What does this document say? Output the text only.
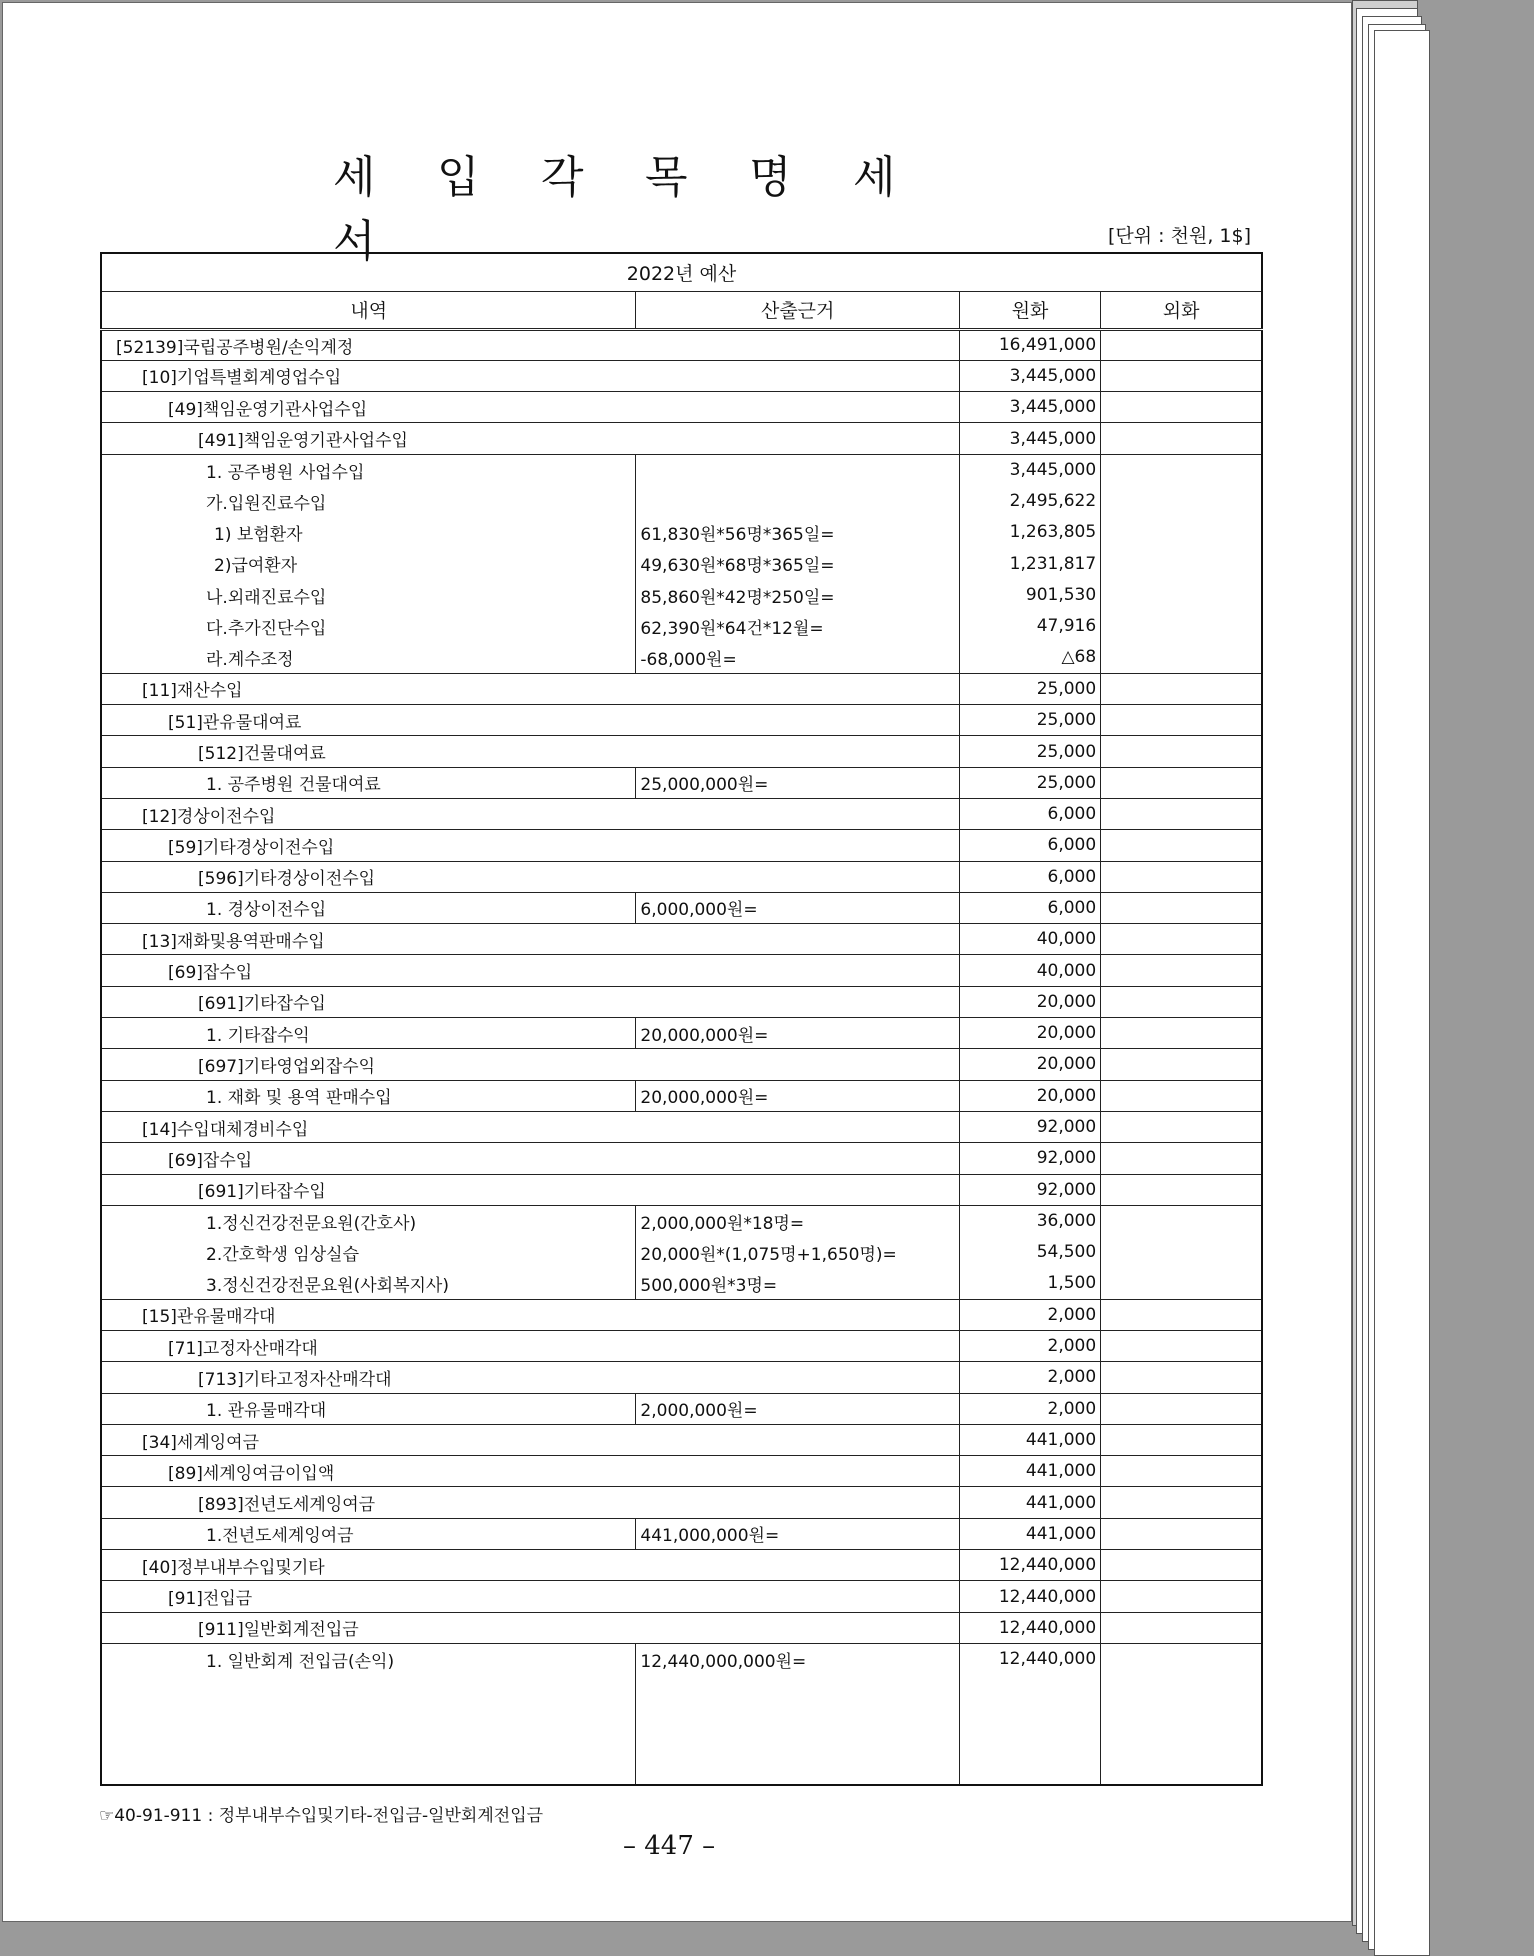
세 입 각 목 명 세서	[단위 : 천원, 1$]
2022년 예산			
내역	산출근거	원화	외화
[52139]국립공주병원/손익계정		16,491,000	
[10]기업특별회계영업수입		3,445,000	
[49]책임운영기관사업수입		3,445,000	
[491]책임운영기관사업수입		3,445,000	
1. 공주병원 사업수입		3,445,000	
가.입원진료수입		2,495,622	
1) 보험환자	61,830원*56명*365일=	1,263,805	
2)급여환자	49,630원*68명*365일=	1,231,817	
나.외래진료수입	85,860원*42명*250일=	901,530	
다.추가진단수입	62,390원*64건*12월=	47,916	
라.계수조정	-68,000원=	△68	
[11]재산수입		25,000	
[51]관유물대여료		25,000	
[512]건물대여료		25,000	
1. 공주병원 건물대여료	25,000,000원=	25,000	
[12]경상이전수입		6,000	
[59]기타경상이전수입		6,000	
[596]기타경상이전수입		6,000	
1. 경상이전수입	6,000,000원=	6,000	
[13]재화및용역판매수입		40,000	
[69]잡수입		40,000	
[691]기타잡수입		20,000	
1. 기타잡수익	20,000,000원=	20,000	
[697]기타영업외잡수익		20,000	
1. 재화 및 용역 판매수입	20,000,000원=	20,000	
[14]수입대체경비수입		92,000	
[69]잡수입		92,000	
[691]기타잡수입		92,000	
1.정신건강전문요원(간호사)	2,000,000원*18명=	36,000	
2.간호학생 임상실습	20,000원*(1,075명+1,650명)=	54,500	
3.정신건강전문요원(사회복지사)	500,000원*3명=	1,500	
[15]관유물매각대		2,000	
[71]고정자산매각대		2,000	
[713]기타고정자산매각대		2,000	
1. 관유물매각대	2,000,000원=	2,000	
[34]세계잉여금		441,000	
[89]세계잉여금이입액		441,000	
[893]전년도세계잉여금		441,000	
1.전년도세계잉여금	441,000,000원=	441,000	
[40]정부내부수입및기타		12,440,000	
[91]전입금		12,440,000	
[911]일반회계전입금		12,440,000	
1. 일반회계 전입금(손익)	12,440,000,000원=	12,440,000	

☞40-91-911 : 정부내부수입및기타-전입금-일반회계전입금
– 447 –
